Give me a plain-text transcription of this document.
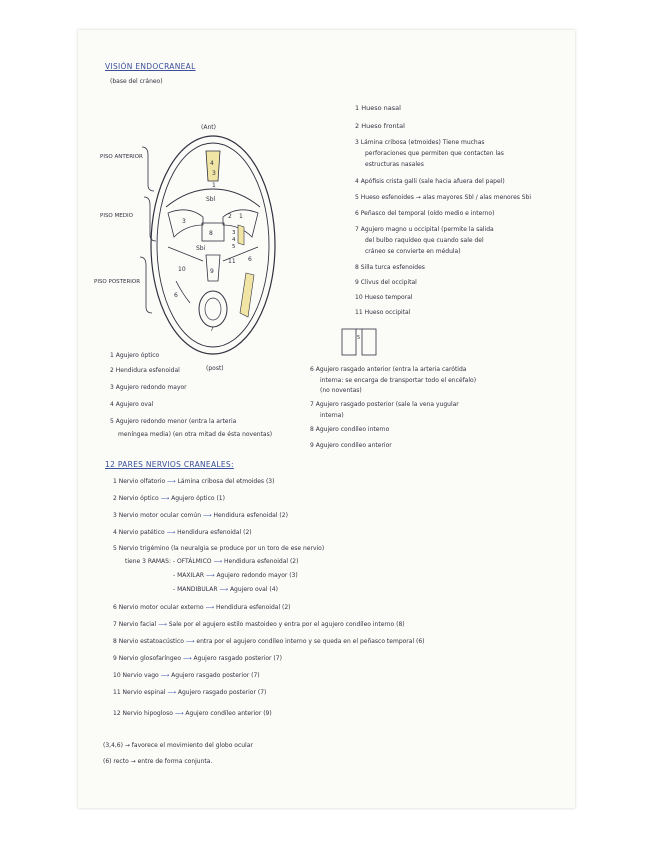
VISIÓN ENDOCRANEAL
(base del cráneo)
PISO ANTERIOR
PISO MEDIO
PISO POSTERIOR
(Ant)
(post)
4
3
1
Sbl
3
2 1
8
Sbi
3
4
5
11
10
6
9
6
7
1 Hueso nasal
2 Hueso frontal
3 Lámina cribosa (etmoides) Tiene muchas
perforaciones que permiten que contacten las
estructuras nasales
4 Apófisis crista galli (sale hacia afuera del papel)
5 Hueso esfenoides → alas mayores Sbl / alas menores Sbi
6 Peñasco del temporal (oído medio e interno)
7 Agujero magno u occipital (permite la salida
del bulbo raquídeo que cuando sale del
cráneo se convierte en médula)
8 Silla turca esfenoides
9 Clivus del occipital
10 Hueso temporal
11 Hueso occipital
5
1 Agujero óptico
2 Hendidura esfenoidal
3 Agujero redondo mayor
4 Agujero oval
5 Agujero redondo menor (entra la arteria
meníngea media) (en otra mitad de ésta noventas)
6 Agujero rasgado anterior (entra la arteria carótida
interna: se encarga de transportar todo el encéfalo)
(no noventas)
7 Agujero rasgado posterior (sale la vena yugular
interna)
8 Agujero condíleo interno
9 Agujero condíleo anterior
12 PARES NERVIOS CRANEALES:
1 Nervio olfatorio ⟶ Lámina cribosa del etmoides (3)
2 Nervio óptico ⟶ Agujero óptico (1)
3 Nervio motor ocular común ⟶ Hendidura esfenoidal (2)
4 Nervio patético ⟶ Hendidura esfenoidal (2)
5 Nervio trigémino (la neuralgia se produce por un toro de ese nervio)
tiene 3 RAMAS: - OFTÁLMICO ⟶ Hendidura esfenoidal (2)
- MAXILAR ⟶ Agujero redondo mayor (3)
- MANDIBULAR ⟶ Agujero oval (4)
6 Nervio motor ocular externo ⟶ Hendidura esfenoidal (2)
7 Nervio facial ⟶ Sale por el agujero estilo mastoideo y entra por el agujero condíleo interno (8)
8 Nervio estatoacústico ⟶ entra por el agujero condíleo interno y se queda en el peñasco temporal (6)
9 Nervio glosofaríngeo ⟶ Agujero rasgado posterior (7)
10 Nervio vago ⟶ Agujero rasgado posterior (7)
11 Nervio espinal ⟶ Agujero rasgado posterior (7)
12 Nervio hipogloso ⟶ Agujero condíleo anterior (9)
(3,4,6) → favorece el movimiento del globo ocular
(6) recto → entre de forma conjunta.
